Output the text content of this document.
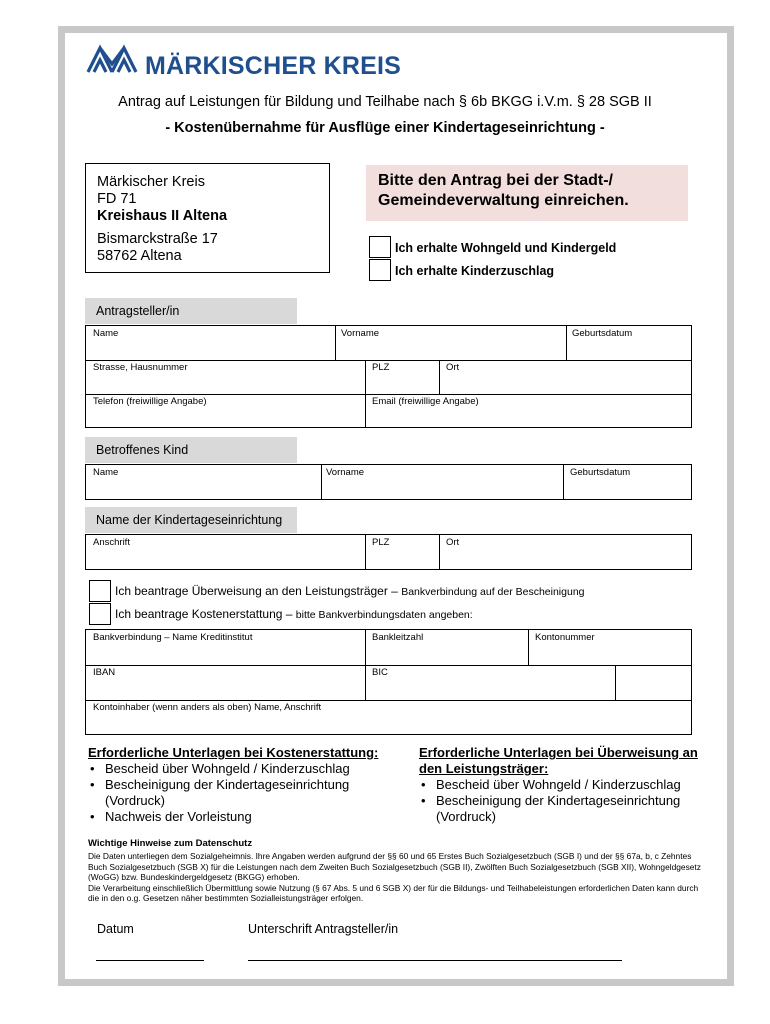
MÄRKISCHER KREIS
Antrag auf Leistungen für Bildung und Teilhabe nach § 6b BKGG i.V.m. § 28 SGB II
- Kostenübernahme für Ausflüge einer Kindertageseinrichtung -
Märkischer Kreis
FD 71
Kreishaus II Altena
Bismarckstraße 17
58762 Altena
Bitte den Antrag bei der Stadt-/
Gemeindeverwaltung einreichen.
Ich erhalte Wohngeld und Kindergeld
Ich erhalte Kinderzuschlag
Antragsteller/in
Name	Vorname	Geburtsdatum
Strasse, Hausnummer	PLZ	Ort
Telefon (freiwillige Angabe)	Email (freiwillige Angabe)
Betroffenes Kind
Name	Vorname	Geburtsdatum
Name der Kindertageseinrichtung
Anschrift	PLZ	Ort
Ich beantrage Überweisung an den Leistungsträger – Bankverbindung auf der Bescheinigung
Ich beantrage Kostenerstattung – bitte Bankverbindungsdaten angeben:
Bankverbindung – Name Kreditinstitut	Bankleitzahl	Kontonummer
IBAN	BIC
Kontoinhaber (wenn anders als oben) Name, Anschrift
Erforderliche Unterlagen bei Kostenerstattung:
• Bescheid über Wohngeld / Kinderzuschlag
• Bescheinigung der Kindertageseinrichtung (Vordruck)
• Nachweis der Vorleistung
Erforderliche Unterlagen bei Überweisung an den Leistungsträger:
• Bescheid über Wohngeld / Kinderzuschlag
• Bescheinigung der Kindertageseinrichtung (Vordruck)
Wichtige Hinweise zum Datenschutz
Die Daten unterliegen dem Sozialgeheimnis. Ihre Angaben werden aufgrund der §§ 60 und 65 Erstes Buch Sozialgesetzbuch (SGB I) und der §§ 67a, b, c Zehntes Buch Sozialgesetzbuch (SGB X) für die Leistungen nach dem Zweiten Buch Sozialgesetzbuch (SGB II), Zwölften Buch Sozialgesetzbuch (SGB XII), Wohngeldgesetz (WoGG) bzw. Bundeskindergeldgesetz (BKGG) erhoben.
Die Verarbeitung einschließlich Übermittlung sowie Nutzung (§ 67 Abs. 5 und 6 SGB X) der für die Bildungs- und Teilhabeleistungen erforderlichen Daten kann durch die in den o.g. Gesetzen näher bestimmten Sozialleistungsträger erfolgen.
Datum	Unterschrift Antragsteller/in
